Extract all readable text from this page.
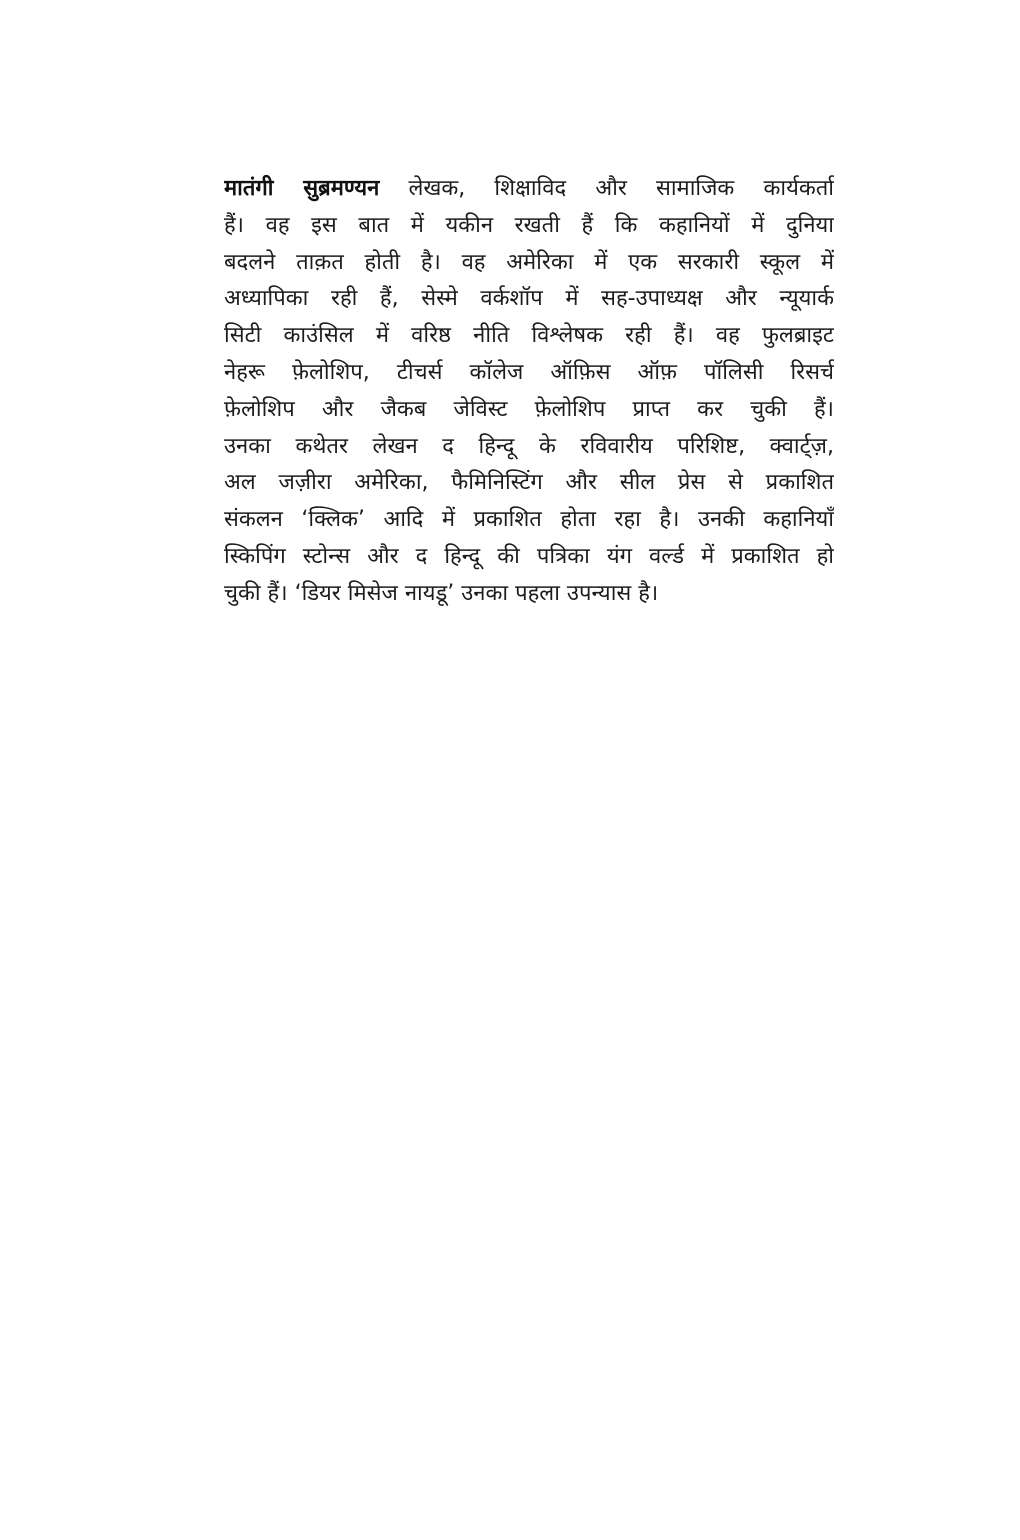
मातंगी सुब्रमण्यन लेखक, शिक्षाविद और सामाजिक कार्यकर्ता
हैं। वह इस बात में यकीन रखती हैं कि कहानियों में दुनिया
बदलने ताक़त होती है। वह अमेरिका में एक सरकारी स्कूल में
अध्यापिका रही हैं, सेस्मे वर्कशॉप में सह-उपाध्यक्ष और न्यूयार्क
सिटी काउंसिल में वरिष्ठ नीति विश्लेषक रही हैं। वह फुलब्राइट
नेहरू फ़ेलोशिप, टीचर्स कॉलेज ऑफ़िस ऑफ़ पॉलिसी रिसर्च
फ़ेलोशिप और जैकब जेविस्ट फ़ेलोशिप प्राप्त कर चुकी हैं।
उनका कथेतर लेखन द हिन्दू के रविवारीय परिशिष्ट, क्वार्ट्ज़,
अल जज़ीरा अमेरिका, फैमिनिस्टिंग और सील प्रेस से प्रकाशित
संकलन ‘क्लिक’ आदि में प्रकाशित होता रहा है। उनकी कहानियाँ
स्किपिंग स्टोन्स और द हिन्दू की पत्रिका यंग वर्ल्ड में प्रकाशित हो
चुकी हैं। ‘डियर मिसेज नायडू’ उनका पहला उपन्यास है।
